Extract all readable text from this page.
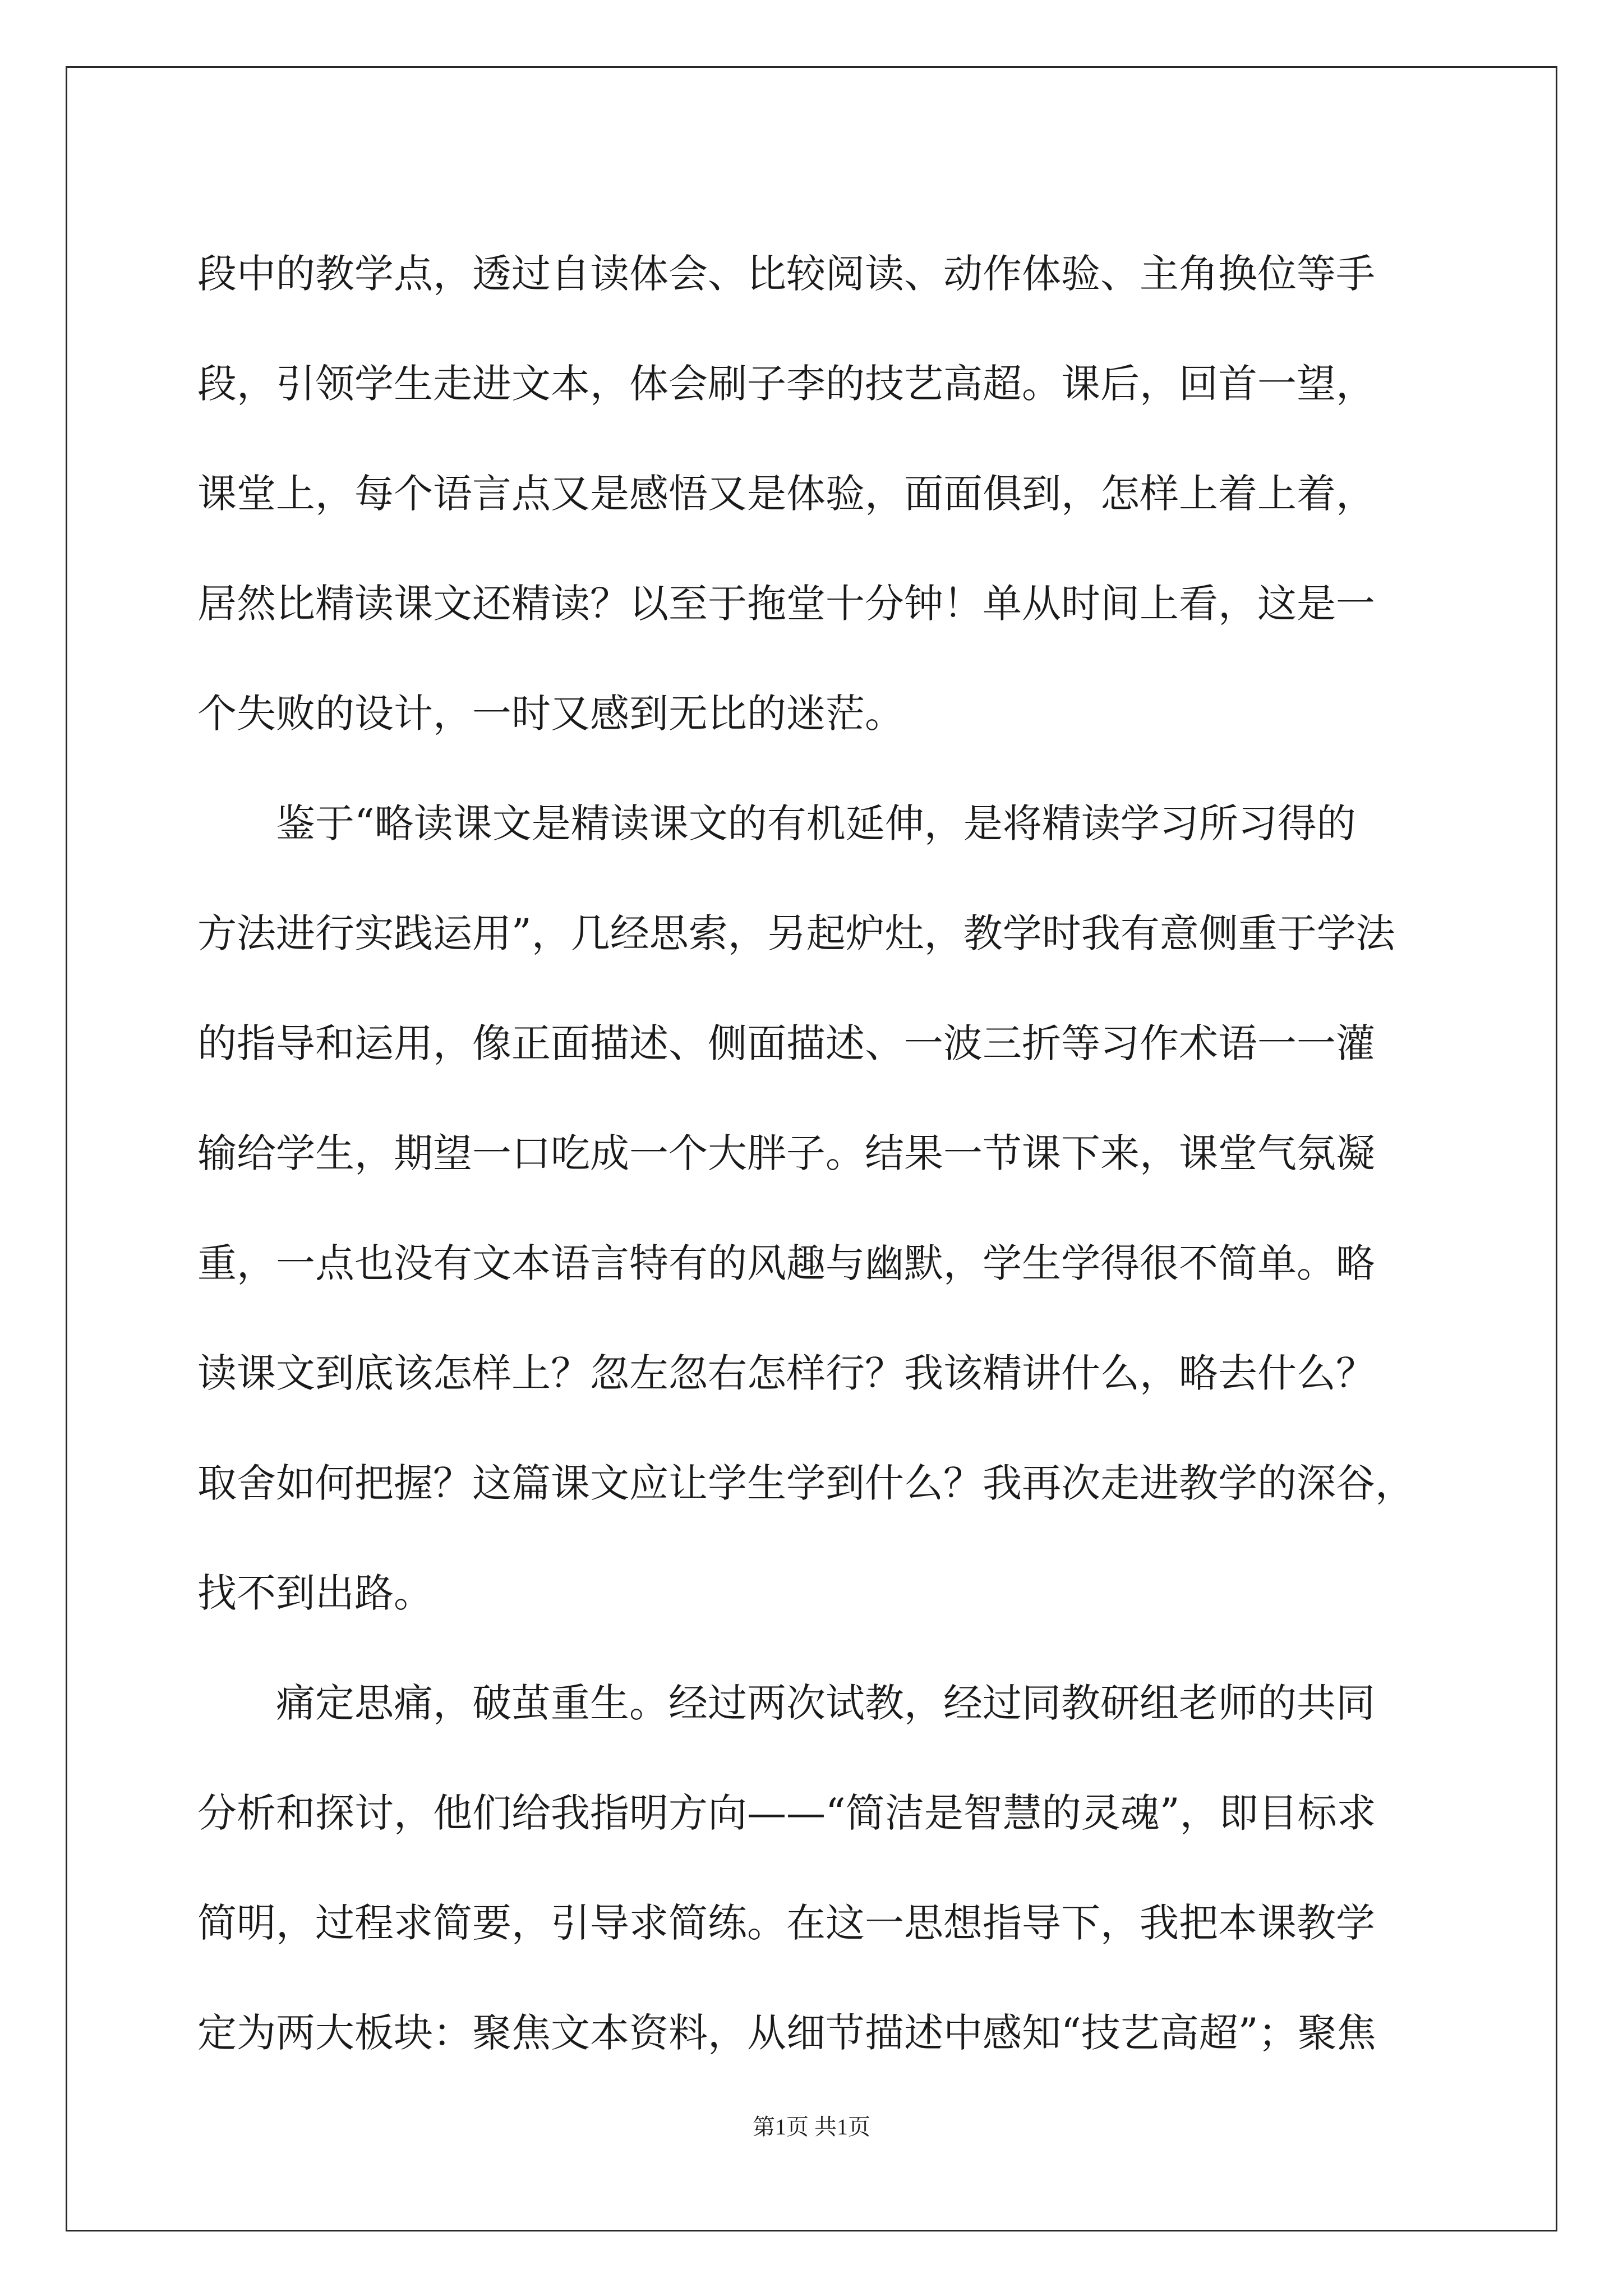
段中的教学点，透过自读体会、比较阅读、动作体验、主角换位等手
段，引领学生走进文本，体会刷子李的技艺高超。课后，回首一望，
课堂上，每个语言点又是感悟又是体验，面面俱到，怎样上着上着，
居然比精读课文还精读？以至于拖堂十分钟！单从时间上看，这是一
个失败的设计，一时又感到无比的迷茫。
鉴于“略读课文是精读课文的有机延伸，是将精读学习所习得的
方法进行实践运用”，几经思索，另起炉灶，教学时我有意侧重于学法
的指导和运用，像正面描述、侧面描述、一波三折等习作术语一一灌
输给学生，期望一口吃成一个大胖子。结果一节课下来，课堂气氛凝
重，一点也没有文本语言特有的风趣与幽默，学生学得很不简单。略
读课文到底该怎样上？忽左忽右怎样行？我该精讲什么，略去什么？
取舍如何把握？这篇课文应让学生学到什么？我再次走进教学的深谷，
找不到出路。
痛定思痛，破茧重生。经过两次试教，经过同教研组老师的共同
分析和探讨，他们给我指明方向——“简洁是智慧的灵魂”，即目标求
简明，过程求简要，引导求简练。在这一思想指导下，我把本课教学
定为两大板块：聚焦文本资料，从细节描述中感知“技艺高超”；聚焦
第1页 共1页
